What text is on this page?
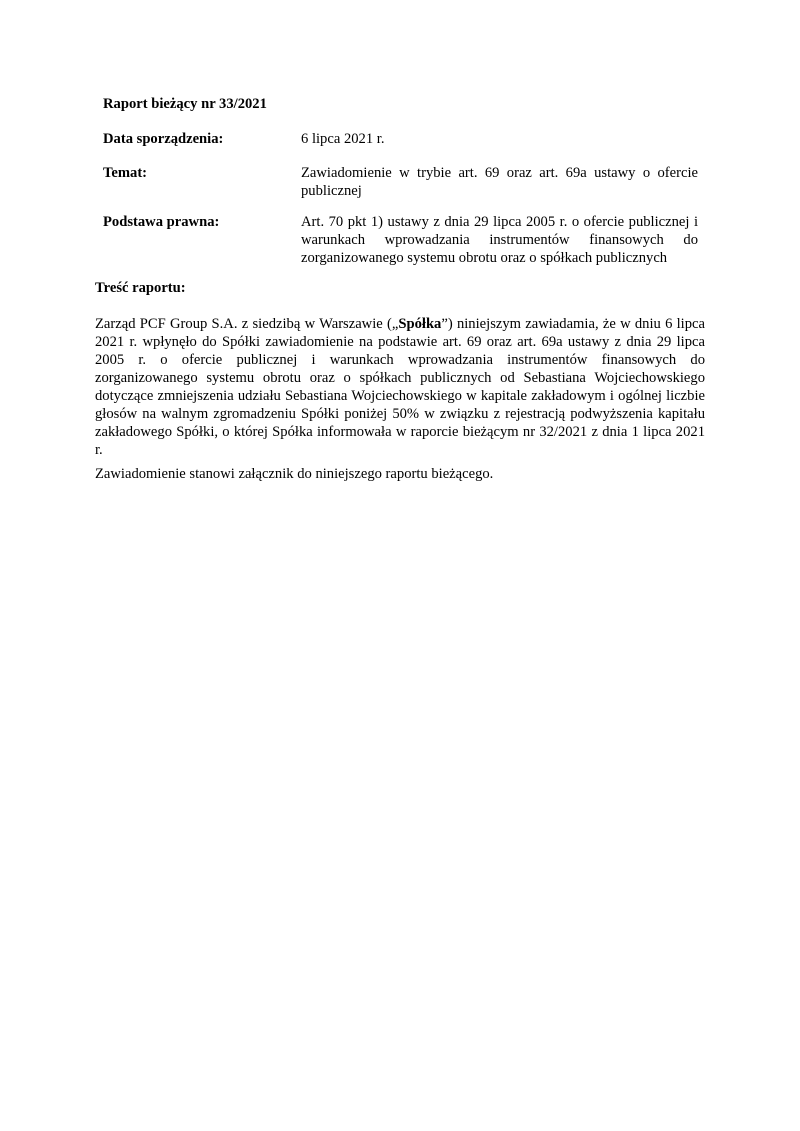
Raport bieżący nr 33/2021
Data sporządzenia:	6 lipca 2021 r.
Temat:	Zawiadomienie w trybie art. 69 oraz art. 69a ustawy o ofercie publicznej
Podstawa prawna:	Art. 70 pkt 1) ustawy z dnia 29 lipca 2005 r. o ofercie publicznej i warunkach wprowadzania instrumentów finansowych do zorganizowanego systemu obrotu oraz o spółkach publicznych
Treść raportu:
Zarząd PCF Group S.A. z siedzibą w Warszawie („Spółka”) niniejszym zawiadamia, że w dniu 6 lipca 2021 r. wpłynęło do Spółki zawiadomienie na podstawie art. 69 oraz art. 69a ustawy z dnia 29 lipca 2005 r. o ofercie publicznej i warunkach wprowadzania instrumentów finansowych do zorganizowanego systemu obrotu oraz o spółkach publicznych od Sebastiana Wojciechowskiego dotyczące zmniejszenia udziału Sebastiana Wojciechowskiego w kapitale zakładowym i ogólnej liczbie głosów na walnym zgromadzeniu Spółki poniżej 50% w związku z rejestracją podwyższenia kapitału zakładowego Spółki, o której Spółka informowała w raporcie bieżącym nr 32/2021 z dnia 1 lipca 2021 r.
Zawiadomienie stanowi załącznik do niniejszego raportu bieżącego.
